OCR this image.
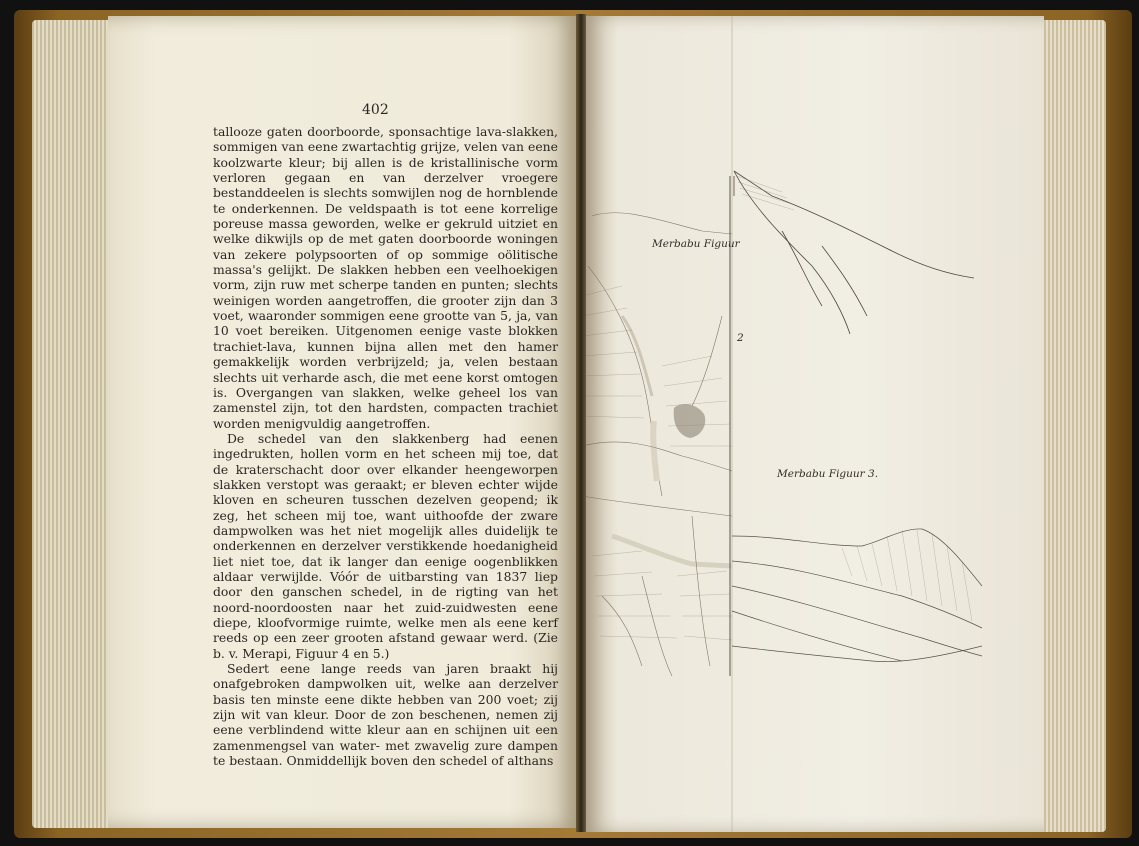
402

tallooze gaten doorboorde, sponsachtige lava-slakken, sommigen van eene zwartachtig grijze, velen van eene koolzwarte kleur; bij allen is de kristallinische vorm verloren gegaan en van derzelver vroegere bestanddeelen is slechts somwijlen nog de hornblende te onderkennen. De veldspaath is tot eene korrelige poreuse massa geworden, welke er gekruld uitziet en welke dikwijls op de met gaten doorboorde woningen van zekere polypsoorten of op sommige oölitische massa's gelijkt. De slakken hebben een veelhoekigen vorm, zijn ruw met scherpe tanden en punten; slechts weinigen worden aangetroffen, die grooter zijn dan 3 voet, waaronder sommigen eene grootte van 5, ja, van 10 voet bereiken. Uitgenomen eenige vaste blokken trachiet-lava, kunnen bijna allen met den hamer gemakkelijk worden verbrijzeld; ja, velen bestaan slechts uit verharde asch, die met eene korst omtogen is. Overgangen van slakken, welke geheel los van zamenstel zijn, tot den hardsten, compacten trachiet worden menigvuldig aangetroffen.

De schedel van den slakkenberg had eenen ingedrukten, hollen vorm en het scheen mij toe, dat de kraterschacht door over elkander heengeworpen slakken verstopt was geraakt; er bleven echter wijde kloven en scheuren tusschen dezelven geopend; ik zeg, het scheen mij toe, want uithoofde der zware dampwolken was het niet mogelijk alles duidelijk te onderkennen en derzelver verstikkende hoedanigheid liet niet toe, dat ik langer dan eenige oogenblikken aldaar verwijlde. Vóór de uitbarsting van 1837 liep door den ganschen schedel, in de rigting van het noord-noordoosten naar het zuid-zuidwesten eene diepe, kloofvormige ruimte, welke men als eene kerf reeds op een zeer grooten afstand gewaar werd. (Zie b. v. Merapi, Figuur 4 en 5.)

Sedert eene lange reeds van jaren braakt hij onafgebroken dampwolken uit, welke aan derzelver basis ten minste eene dikte hebben van 200 voet; zij zijn wit van kleur. Door de zon beschenen, nemen zij eene verblindend witte kleur aan en schijnen uit een zamenmengsel van water- met zwavelig zure dampen te bestaan. Onmiddellijk boven den schedel of althans

Merbabu Figuur
2
Merbabu Figuur 3.
